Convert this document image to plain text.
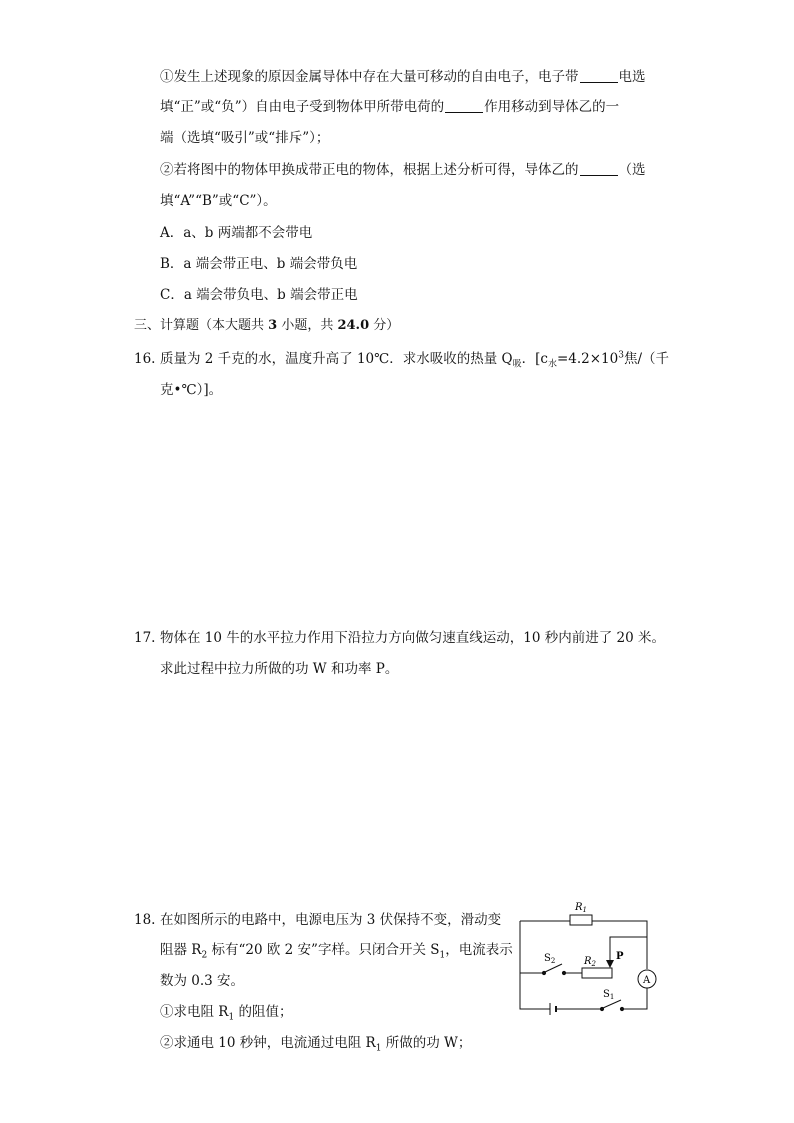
①发生上述现象的原因金属导体中存在大量可移动的自由电子，电子带	电选
填“正”或“负”）自由电子受到物体甲所带电荷的	作用移动到导体乙的一
端（选填“吸引”或“排斥”）；
②若将图中的物体甲换成带正电的物体，根据上述分析可得，导体乙的	（选
填“A”“B”或“C”）。
A．a、b 两端都不会带电
B．a 端会带正电、b 端会带负电
C．a 端会带负电、b 端会带正电
三、计算题（本大题共 3 小题，共 24.0 分）
16. 质量为 2 千克的水，温度升高了 10℃．求水吸收的热量 $Q_吸$．[$c_水=4.2\times 10^3$焦/（千
克•℃）]。
17. 物体在 10 牛的水平拉力作用下沿拉力方向做匀速直线运动，10 秒内前进了 20 米。
求此过程中拉力所做的功 W 和功率 P。
18. 在如图所示的电路中，电源电压为 3 伏保持不变，滑动变
阻器 $R_2$ 标有“20 欧 2 安”字样。只闭合开关 $S_1$，电流表示
数为 0.3 安。
①求电阻 $R_1$ 的阻值；
②求通电 10 秒钟，电流通过电阻 $R_1$ 所做的功 W；
$R_1$
$R_2$
P
$S_2$
$S_1$
A
